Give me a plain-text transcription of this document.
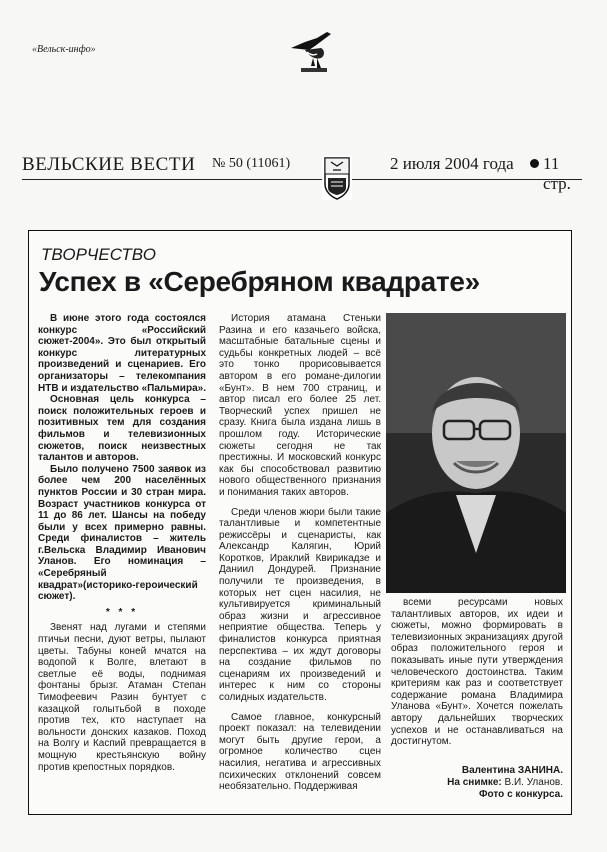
«Вельск-инфо»
ВЕЛЬСКИЕ ВЕСТИ № 50 (11061)	2 июля 2004 года 11 стр.
ТВОРЧЕСТВО
Успех в «Серебряном квадрате»

В июне этого года состоялся конкурс «Российский сюжет-2004». Это был открытый конкурс литературных произведений и сценариев. Его организаторы – телекомпания НТВ и издательство «Пальмира».

Основная цель конкурса – поиск положительных героев и позитивных тем для создания фильмов и телевизионных сюжетов, поиск неизвестных талантов и авторов.

Было получено 7500 заявок из более чем 200 населённых пунктов России и 30 стран мира. Возраст участников конкурса от 11 до 86 лет. Шансы на победу были у всех примерно равны. Среди финалистов – житель г.Вельска Владимир Иванович Уланов. Его номинация – «Серебряный квадрат»(историко-героический сюжет).

* * *

Звенят над лугами и степями птичьи песни, дуют ветры, пылают цветы. Табуны коней мчатся на водопой к Волге, влетают в светлые её воды, поднимая фонтаны брызг. Атаман Степан Тимофеевич Разин бунтует с казацкой голытьбой в походе против тех, кто наступает на вольности донских казаков. Поход на Волгу и Каспий превращается в мощную крестьянскую войну против крепостных порядков.

История атамана Стеньки Разина и его казачьего войска, масштабные батальные сцены и судьбы конкретных людей – всё это тонко прорисовывается автором в его романе-дилогии «Бунт». В нем 700 страниц, и автор писал его более 25 лет. Творческий успех пришел не сразу. Книга была издана лишь в прошлом году. Исторические сюжеты сегодня не так престижны. И московский конкурс как бы способствовал развитию нового общественного признания и понимания таких авторов.

Среди членов жюри были такие талантливые и компетентные режиссёры и сценаристы, как Александр Калягин, Юрий Коротков, Ираклий Квирикадзе и Даниил Дондурей. Признание получили те произведения, в которых нет сцен насилия, не культивируется криминальный образ жизни и агрессивное неприятие общества. Теперь у финалистов конкурса приятная перспектива – их ждут договоры на создание фильмов по сценариям их произведений и интерес к ним со стороны солидных издательств.

Самое главное, конкурсный проект показал: на телевидении могут быть другие герои, а огромное количество сцен насилия, негатива и агрессивных психических отклонений совсем необязательно. Поддерживая

всеми ресурсами новых талантливых авторов, их идеи и сюжеты, можно формировать в телевизионных экранизациях другой образ положительного героя и показывать иные пути утверждения человеческого достоинства. Таким критериям как раз и соответствует содержание романа Владимира Уланова «Бунт». Хочется пожелать автору дальнейших творческих успехов и не останавливаться на достигнутом.

Валентина ЗАНИНА.
На снимке: В.И. Уланов.
Фото с конкурса.
